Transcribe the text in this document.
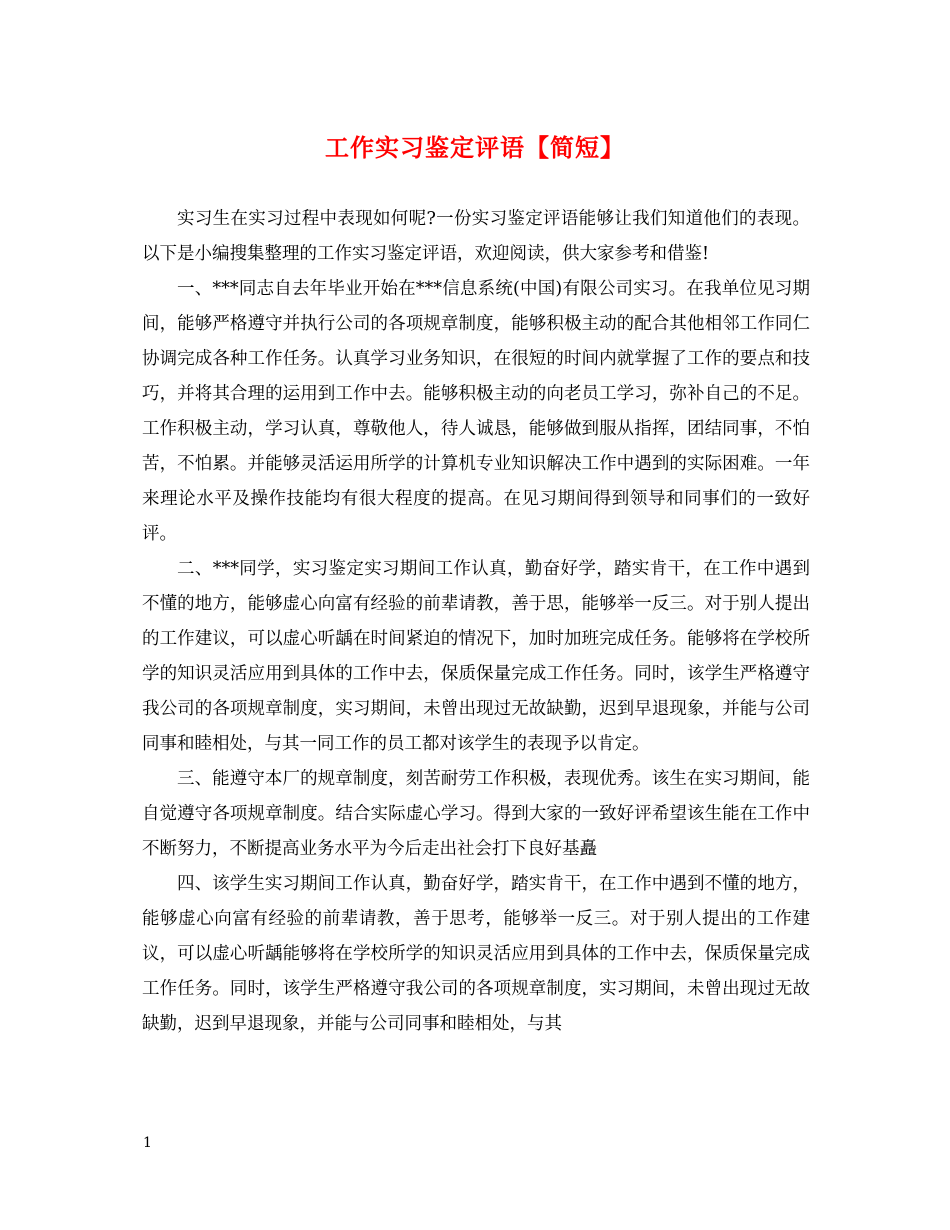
工作实习鉴定评语【简短】

实习生在实习过程中表现如何呢?一份实习鉴定评语能够让我们知道他们的表现。以下是小编搜集整理的工作实习鉴定评语，欢迎阅读，供大家参考和借鉴!

一、***同志自去年毕业开始在***信息系统(中国)有限公司实习。在我单位见习期间，能够严格遵守并执行公司的各项规章制度，能够积极主动的配合其他相邻工作同仁协调完成各种工作任务。认真学习业务知识，在很短的时间内就掌握了工作的要点和技巧，并将其合理的运用到工作中去。能够积极主动的向老员工学习，弥补自己的不足。工作积极主动，学习认真，尊敬他人，待人诚恳，能够做到服从指挥，团结同事，不怕苦，不怕累。并能够灵活运用所学的计算机专业知识解决工作中遇到的实际困难。一年来理论水平及操作技能均有很大程度的提高。在见习期间得到领导和同事们的一致好评。

二、***同学，实习鉴定实习期间工作认真，勤奋好学，踏实肯干，在工作中遇到不懂的地方，能够虚心向富有经验的前辈请教，善于思，能够举一反三。对于别人提出的工作建议，可以虚心听龋在时间紧迫的情况下，加时加班完成任务。能够将在学校所学的知识灵活应用到具体的工作中去，保质保量完成工作任务。同时，该学生严格遵守我公司的各项规章制度，实习期间，未曾出现过无故缺勤，迟到早退现象，并能与公司同事和睦相处，与其一同工作的员工都对该学生的表现予以肯定。

三、能遵守本厂的规章制度，刻苦耐劳工作积极，表现优秀。该生在实习期间，能自觉遵守各项规章制度。结合实际虚心学习。得到大家的一致好评希望该生能在工作中不断努力，不断提高业务水平为今后走出社会打下良好基矗

四、该学生实习期间工作认真，勤奋好学，踏实肯干，在工作中遇到不懂的地方，能够虚心向富有经验的前辈请教，善于思考，能够举一反三。对于别人提出的工作建议，可以虚心听龋能够将在学校所学的知识灵活应用到具体的工作中去，保质保量完成工作任务。同时，该学生严格遵守我公司的各项规章制度，实习期间，未曾出现过无故缺勤，迟到早退现象，并能与公司同事和睦相处，与其

1
